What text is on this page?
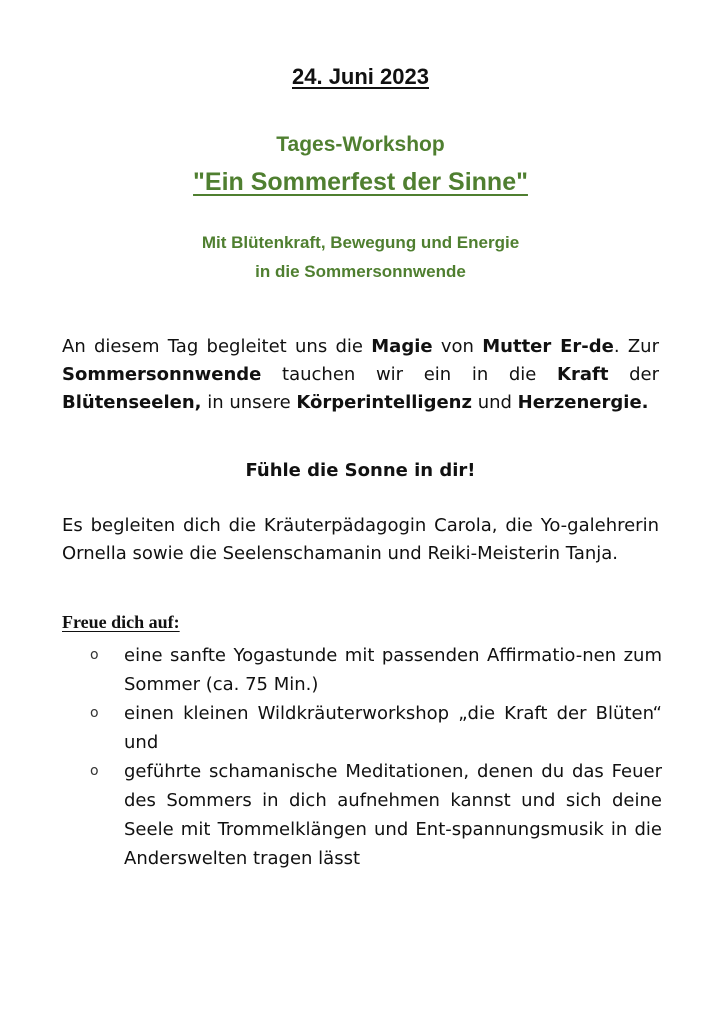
24. Juni 2023
Tages-Workshop
"Ein Sommerfest der Sinne"
Mit Blütenkraft, Bewegung und Energie
in die Sommersonnwende

An diesem Tag begleitet uns die Magie von Mutter Er-de. Zur Sommersonnwende tauchen wir ein in die Kraft der Blütenseelen, in unsere Körperintelligenz und Herzenergie.

Fühle die Sonne in dir!

Es begleiten dich die Kräuterpädagogin Carola, die Yo-galehrerin Ornella sowie die Seelenschamanin und Reiki-Meisterin Tanja.

Freue dich auf:
o eine sanfte Yogastunde mit passenden Affirmatio-nen zum Sommer (ca. 75 Min.)
o einen kleinen Wildkräuterworkshop „die Kraft der Blüten“ und
o geführte schamanische Meditationen, denen du das Feuer des Sommers in dich aufnehmen kannst und sich deine Seele mit Trommelklängen und Ent-spannungsmusik in die Anderswelten tragen lässt
